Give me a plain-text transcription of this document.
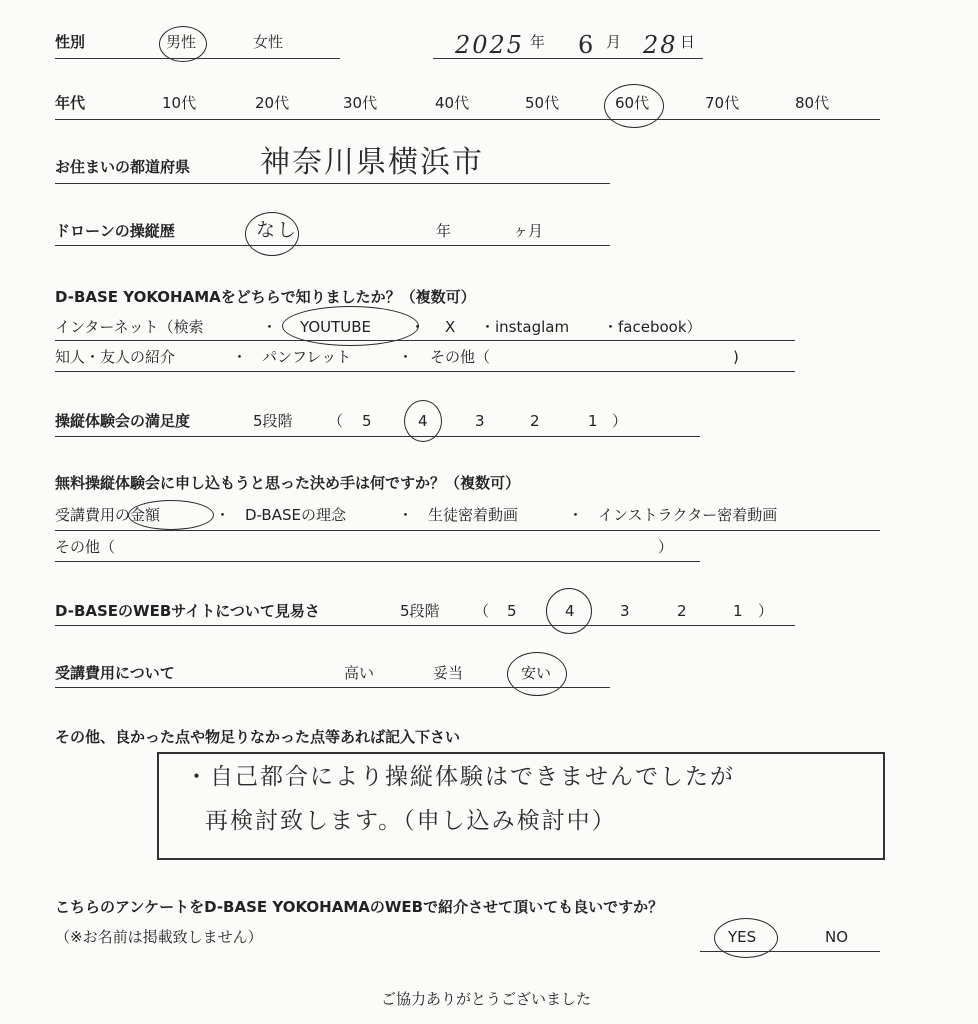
性別	男性	女性	2025 年 6 月 28 日
年代	10代	20代	30代	40代	50代	60代	70代	80代
お住まいの都道府県 神奈川県横浜市
ドローンの操縦歴	なし	年	ヶ月
D-BASE YOKOHAMAをどちらで知りましたか？（複数可）
インターネット（検索	・ YOUTUBE	・ X ・instaglam ・facebook）
知人・友人の紹介	・ パンフレット	・ その他（	)
操縦体験会の満足度	5段階 （ 5	4	3	2	1 ）
無料操縦体験会に申し込もうと思った決め手は何ですか？（複数可）
受講費用の金額	・ D-BASEの理念	・ 生徒密着動画	・ インストラクター密着動画
その他（	）
D-BASEのWEBサイトについて見易さ	5段階 （ 5	4	3	2	1 ）
受講費用について	高い	妥当	安い
その他、良かった点や物足りなかった点等あれば記入下さい
・自己都合により操縦体験はできませんでしたが
再検討致します。（申し込み検討中）
こちらのアンケートをD-BASE YOKOHAMAのWEBで紹介させて頂いても良いですか？
（※お名前は掲載致しません）	YES	NO
ご協力ありがとうございました
